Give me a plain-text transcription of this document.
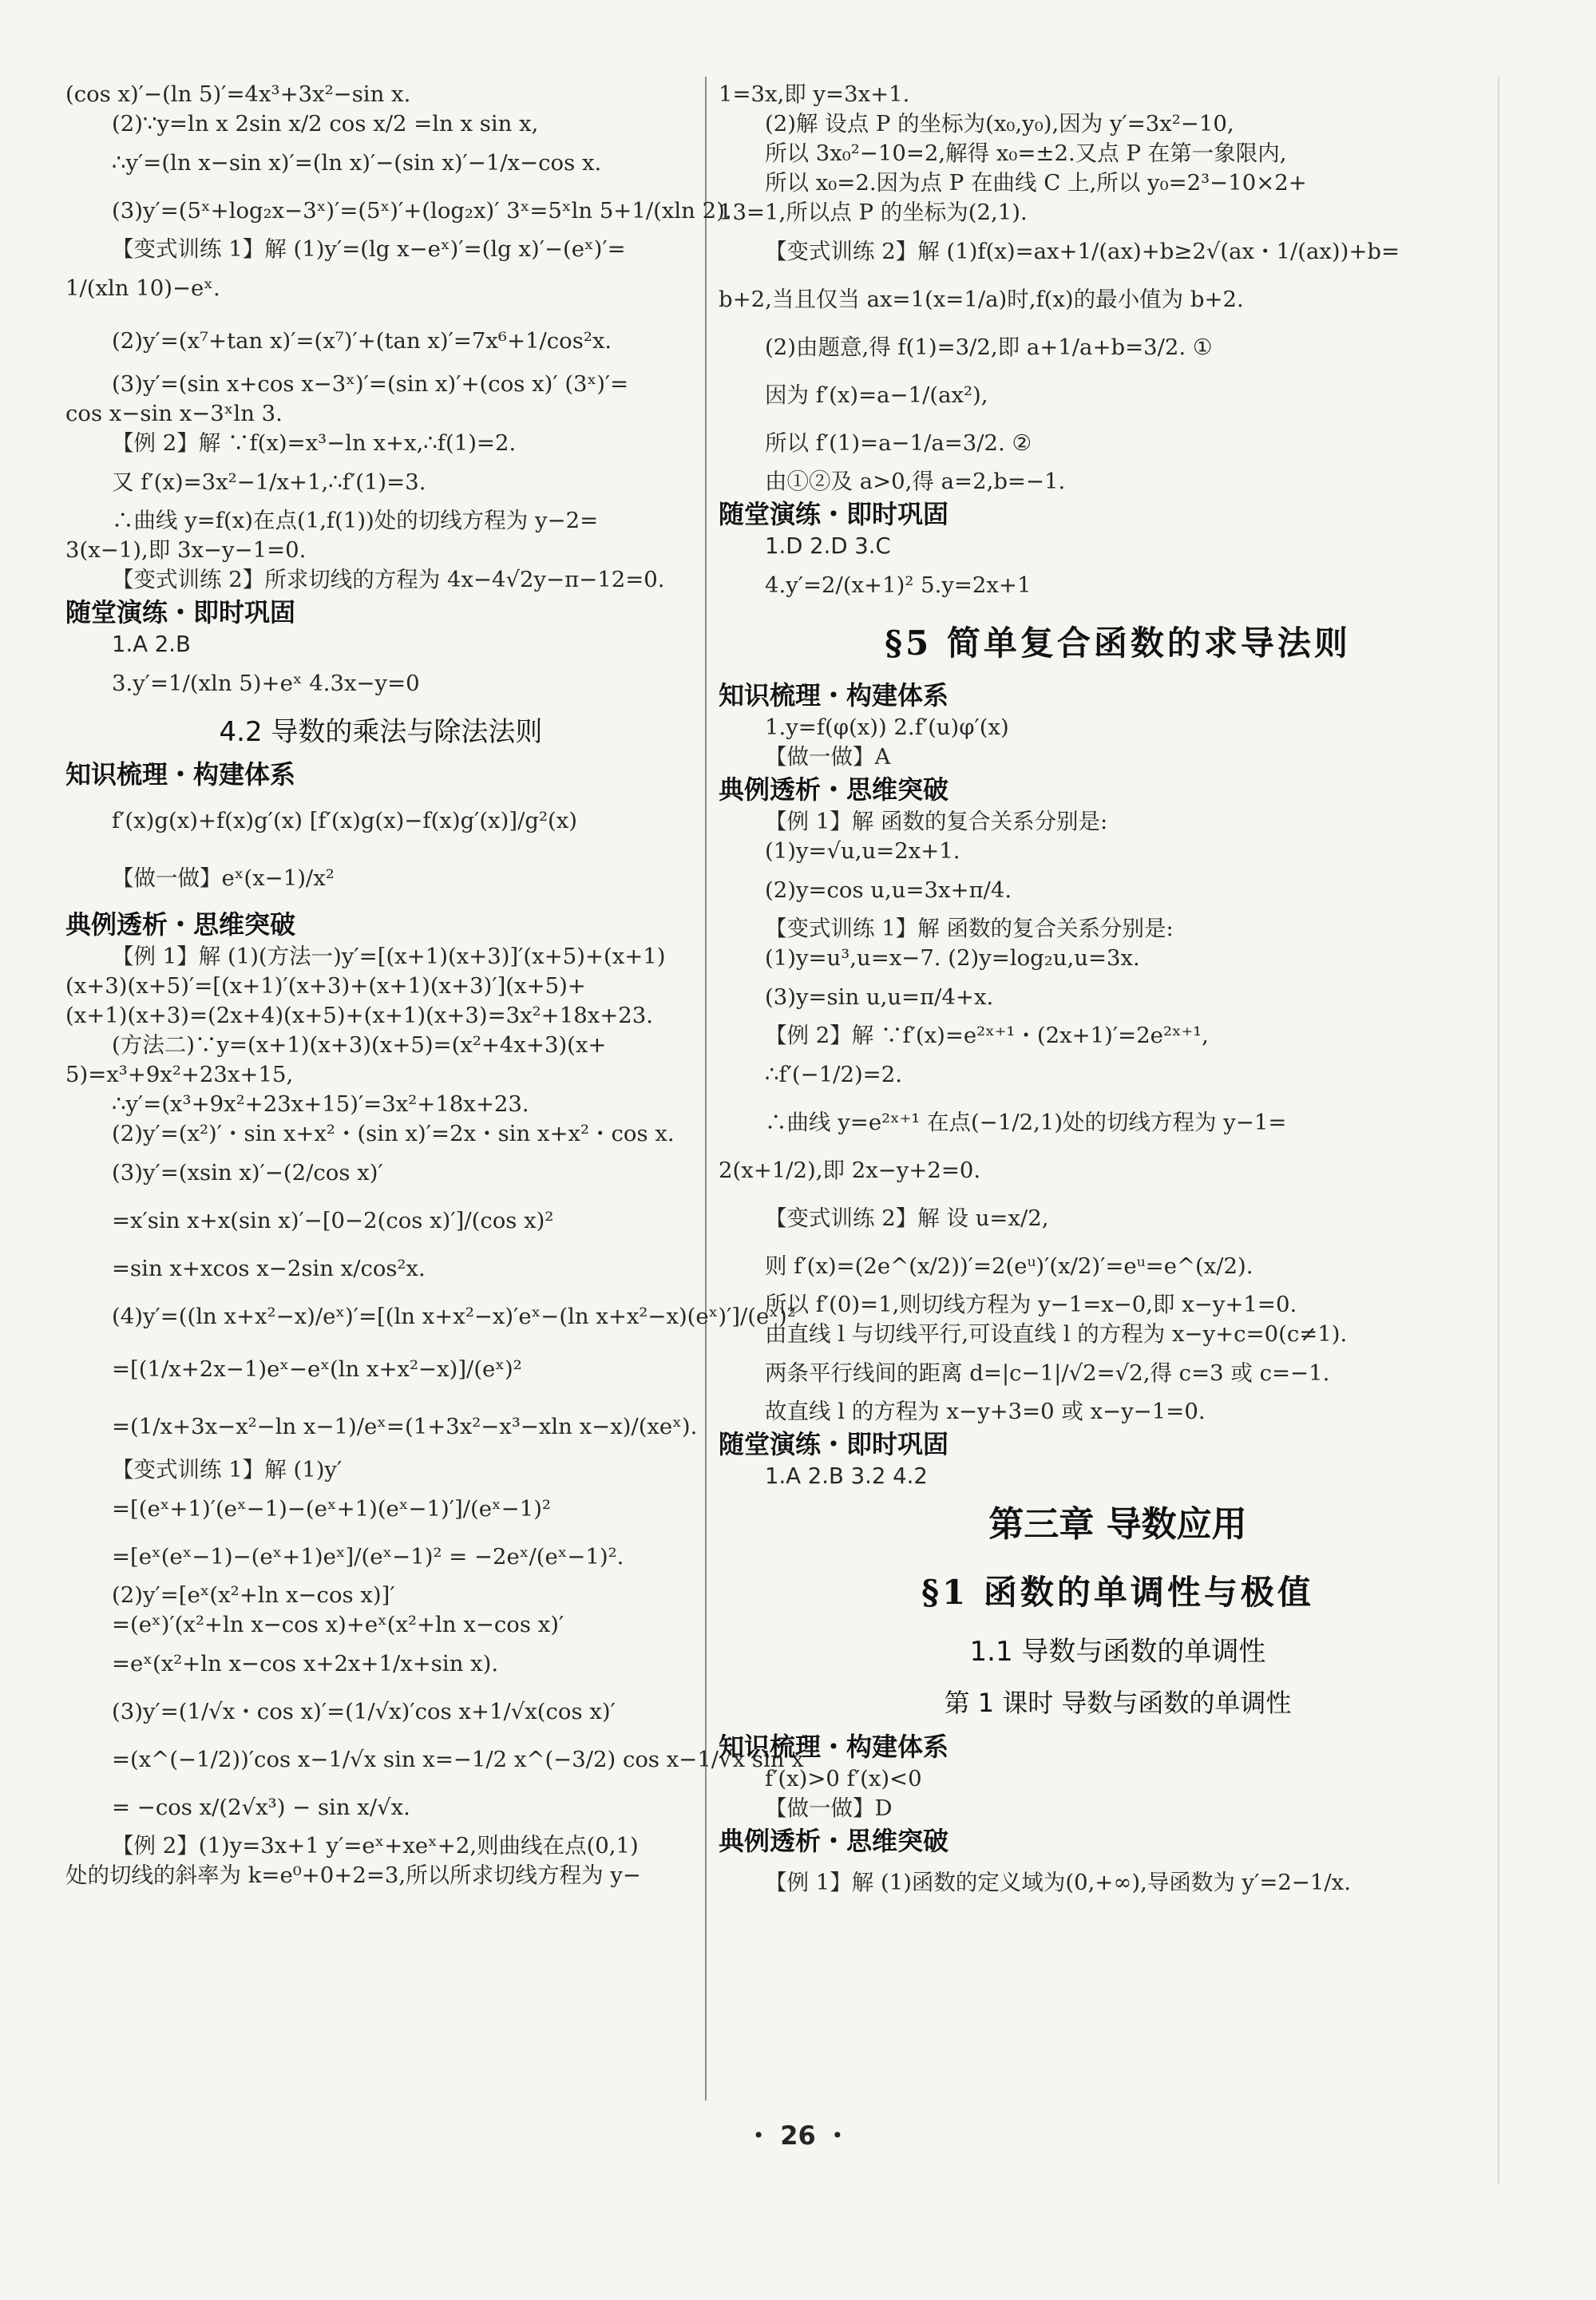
(cos x)′−(ln 5)′=4x³+3x²−sin x.
(2)∵y=ln x 2sin x/2 cos x/2 =ln x sin x,
∴y′=(ln x−sin x)′=(ln x)′−(sin x)′−1/x−cos x.
(3)y′=(5ˣ+log₂x−3ˣ)′=(5ˣ)′+(log₂x)′ 3ˣ=5ˣln 5+1/(xln 2).
【变式训练 1】解 (1)y′=(lg x−eˣ)′=(lg x)′−(eˣ)′=
1/(xln 10)−eˣ.
(2)y′=(x⁷+tan x)′=(x⁷)′+(tan x)′=7x⁶+1/cos²x.
(3)y′=(sin x+cos x−3ˣ)′=(sin x)′+(cos x)′ (3ˣ)′=
cos x−sin x−3ˣln 3.
【例 2】解 ∵f(x)=x³−ln x+x,∴f(1)=2.
又 f′(x)=3x²−1/x+1,∴f′(1)=3.
∴曲线 y=f(x)在点(1,f(1))处的切线方程为 y−2=
3(x−1),即 3x−y−1=0.
【变式训练 2】所求切线的方程为 4x−4√2y−π−12=0.
随堂演练・即时巩固
1.A 2.B
3.y′=1/(xln 5)+eˣ 4.3x−y=0
4.2 导数的乘法与除法法则
知识梳理・构建体系
f′(x)g(x)+f(x)g′(x) [f′(x)g(x)−f(x)g′(x)]/g²(x)
【做一做】eˣ(x−1)/x²
典例透析・思维突破
【例 1】解 (1)(方法一)y′=[(x+1)(x+3)]′(x+5)+(x+1)
(x+3)(x+5)′=[(x+1)′(x+3)+(x+1)(x+3)′](x+5)+
(x+1)(x+3)=(2x+4)(x+5)+(x+1)(x+3)=3x²+18x+23.
(方法二)∵y=(x+1)(x+3)(x+5)=(x²+4x+3)(x+
5)=x³+9x²+23x+15,
∴y′=(x³+9x²+23x+15)′=3x²+18x+23.
(2)y′=(x²)′・sin x+x²・(sin x)′=2x・sin x+x²・cos x.
(3)y′=(xsin x)′−(2/cos x)′
=x′sin x+x(sin x)′−[0−2(cos x)′]/(cos x)²
=sin x+xcos x−2sin x/cos²x.
(4)y′=((ln x+x²−x)/eˣ)′=[(ln x+x²−x)′eˣ−(ln x+x²−x)(eˣ)′]/(eˣ)²
=[(1/x+2x−1)eˣ−eˣ(ln x+x²−x)]/(eˣ)²
=(1/x+3x−x²−ln x−1)/eˣ=(1+3x²−x³−xln x−x)/(xeˣ).
【变式训练 1】解 (1)y′
=[(eˣ+1)′(eˣ−1)−(eˣ+1)(eˣ−1)′]/(eˣ−1)²
=[eˣ(eˣ−1)−(eˣ+1)eˣ]/(eˣ−1)² = −2eˣ/(eˣ−1)².
(2)y′=[eˣ(x²+ln x−cos x)]′
=(eˣ)′(x²+ln x−cos x)+eˣ(x²+ln x−cos x)′
=eˣ(x²+ln x−cos x+2x+1/x+sin x).
(3)y′=(1/√x・cos x)′=(1/√x)′cos x+1/√x(cos x)′
=(x^(−1/2))′cos x−1/√x sin x=−1/2 x^(−3/2) cos x−1/√x sin x
= −cos x/(2√x³) − sin x/√x.
【例 2】(1)y=3x+1 y′=eˣ+xeˣ+2,则曲线在点(0,1)
处的切线的斜率为 k=e⁰+0+2=3,所以所求切线方程为 y−
1=3x,即 y=3x+1.
(2)解 设点 P 的坐标为(x₀,y₀),因为 y′=3x²−10,
所以 3x₀²−10=2,解得 x₀=±2.又点 P 在第一象限内,
所以 x₀=2.因为点 P 在曲线 C 上,所以 y₀=2³−10×2+
13=1,所以点 P 的坐标为(2,1).
【变式训练 2】解 (1)f(x)=ax+1/(ax)+b≥2√(ax・1/(ax))+b=
b+2,当且仅当 ax=1(x=1/a)时,f(x)的最小值为 b+2.
(2)由题意,得 f(1)=3/2,即 a+1/a+b=3/2. ①
因为 f′(x)=a−1/(ax²),
所以 f′(1)=a−1/a=3/2. ②
由①②及 a>0,得 a=2,b=−1.
随堂演练・即时巩固
1.D 2.D 3.C
4.y′=2/(x+1)² 5.y=2x+1
§5 简单复合函数的求导法则
知识梳理・构建体系
1.y=f(φ(x)) 2.f′(u)φ′(x)
【做一做】A
典例透析・思维突破
【例 1】解 函数的复合关系分别是:
(1)y=√u,u=2x+1.
(2)y=cos u,u=3x+π/4.
【变式训练 1】解 函数的复合关系分别是:
(1)y=u³,u=x−7. (2)y=log₂u,u=3x.
(3)y=sin u,u=π/4+x.
【例 2】解 ∵f′(x)=e²ˣ⁺¹・(2x+1)′=2e²ˣ⁺¹,
∴f′(−1/2)=2.
∴曲线 y=e²ˣ⁺¹ 在点(−1/2,1)处的切线方程为 y−1=
2(x+1/2),即 2x−y+2=0.
【变式训练 2】解 设 u=x/2,
则 f′(x)=(2e^(x/2))′=2(eᵘ)′(x/2)′=eᵘ=e^(x/2).
所以 f′(0)=1,则切线方程为 y−1=x−0,即 x−y+1=0.
由直线 l 与切线平行,可设直线 l 的方程为 x−y+c=0(c≠1).
两条平行线间的距离 d=|c−1|/√2=√2,得 c=3 或 c=−1.
故直线 l 的方程为 x−y+3=0 或 x−y−1=0.
随堂演练・即时巩固
1.A 2.B 3.2 4.2
第三章 导数应用
§1 函数的单调性与极值
1.1 导数与函数的单调性
第 1 课时 导数与函数的单调性
知识梳理・构建体系
f′(x)>0 f′(x)<0
【做一做】D
典例透析・思维突破
【例 1】解 (1)函数的定义域为(0,+∞),导函数为 y′=2−1/x.
・ 26 ・
